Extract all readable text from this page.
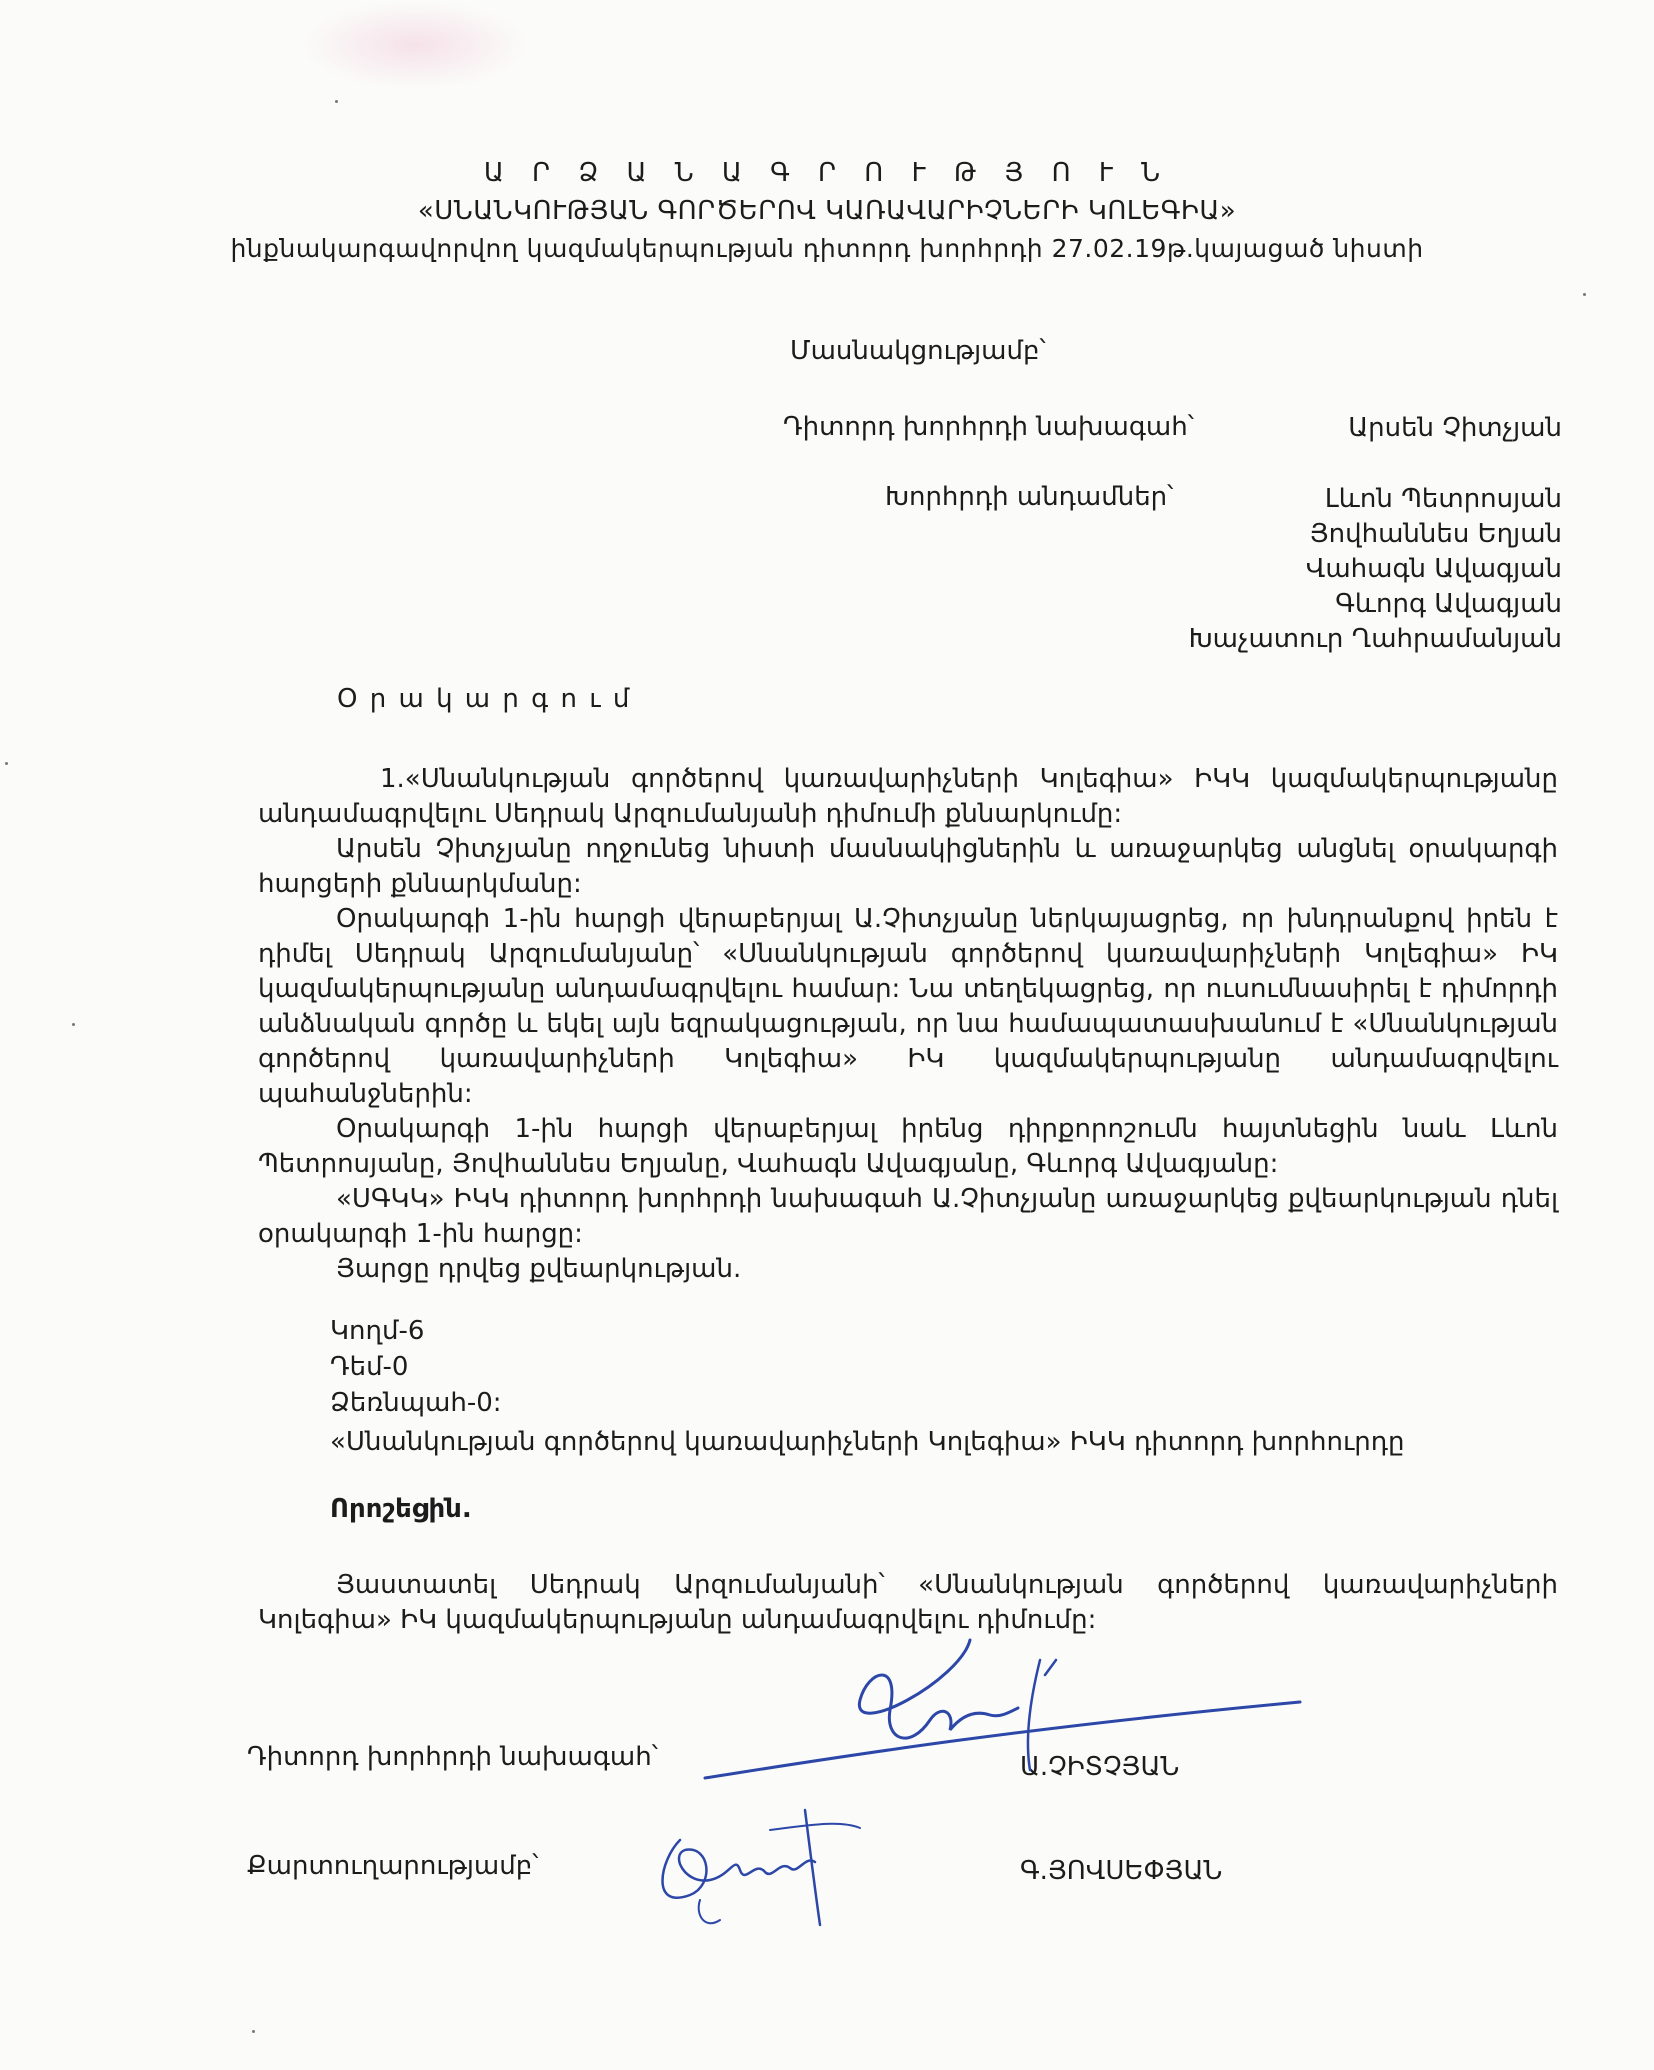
Ա Ր Ձ Ա Ն Ա Գ Ր Ո Ւ Թ Յ Ո Ւ Ն
«ՍՆԱՆԿՈՒԹՅԱՆ ԳՈՐԾԵՐՈՎ ԿԱՌԱՎԱՐԻՉՆԵՐԻ ԿՈԼԵԳԻԱ»
ինքնակարգավորվող կազմակերպության դիտորդ խորհրդի 27.02.19թ.կայացած նիստի
Մասնակցությամբ՝
Դիտորդ խորհրդի նախագահ՝	Արսեն Չիտչյան
Խորհրդի անդամներ՝	Լևոն Պետրոսյան
Յովհաննես Եղյան
Վահագն Ավագյան
Գևորգ Ավագյան
Խաչատուր Ղահրամանյան
Օ ր ա կ ա ր գ ո ւ մ

1.«Սնանկության գործերով կառավարիչների Կոլեգիա» ԻԿԿ կազմակերպությանը անդամագրվելու Սեդրակ Արզումանյանի դիմումի քննարկումը:

Արսեն Չիտչյանը ողջունեց նիստի մասնակիցներին և առաջարկեց անցնել օրակարգի հարցերի քննարկմանը:

Օրակարգի 1-ին հարցի վերաբերյալ Ա.Չիտչյանը ներկայացրեց, որ խնդրանքով իրեն է դիմել Սեդրակ Արզումանյանը՝ «Սնանկության գործերով կառավարիչների Կոլեգիա» ԻԿ կազմակերպությանը անդամագրվելու համար: Նա տեղեկացրեց, որ ուսումնասիրել է դիմորդի անձնական գործը և եկել այն եզրակացության, որ նա համապատասխանում է «Սնանկության գործերով կառավարիչների Կոլեգիա» ԻԿ կազմակերպությանը անդամագրվելու պահանջներին:

Օրակարգի 1-ին հարցի վերաբերյալ իրենց դիրքորոշումն հայտնեցին նաև Լևոն Պետրոսյանը, Յովհաննես Եղյանը, Վահագն Ավագյանը, Գևորգ Ավագյանը:

«ՍԳԿԿ» ԻԿԿ դիտորդ խորհրդի նախագահ Ա.Չիտչյանը առաջարկեց քվեարկության դնել օրակարգի 1-ին հարցը:

Յարցը դրվեց քվեարկության.

Կողմ-6
Դեմ-0
Ձեռնպահ-0:
«Սնանկության գործերով կառավարիչների Կոլեգիա» ԻԿԿ դիտորդ խորհուրդը
Որոշեցին.

Յաստատել Սեդրակ Արզումանյանի՝ «Սնանկության գործերով կառավարիչների Կոլեգիա» ԻԿ կազմակերպությանը անդամագրվելու դիմումը:

Դիտորդ խորհրդի նախագահ՝	Ա.ՉԻՏՉՅԱՆ
Քարտուղարությամբ՝	Գ.ՅՈՎՍԵՓՅԱՆ
